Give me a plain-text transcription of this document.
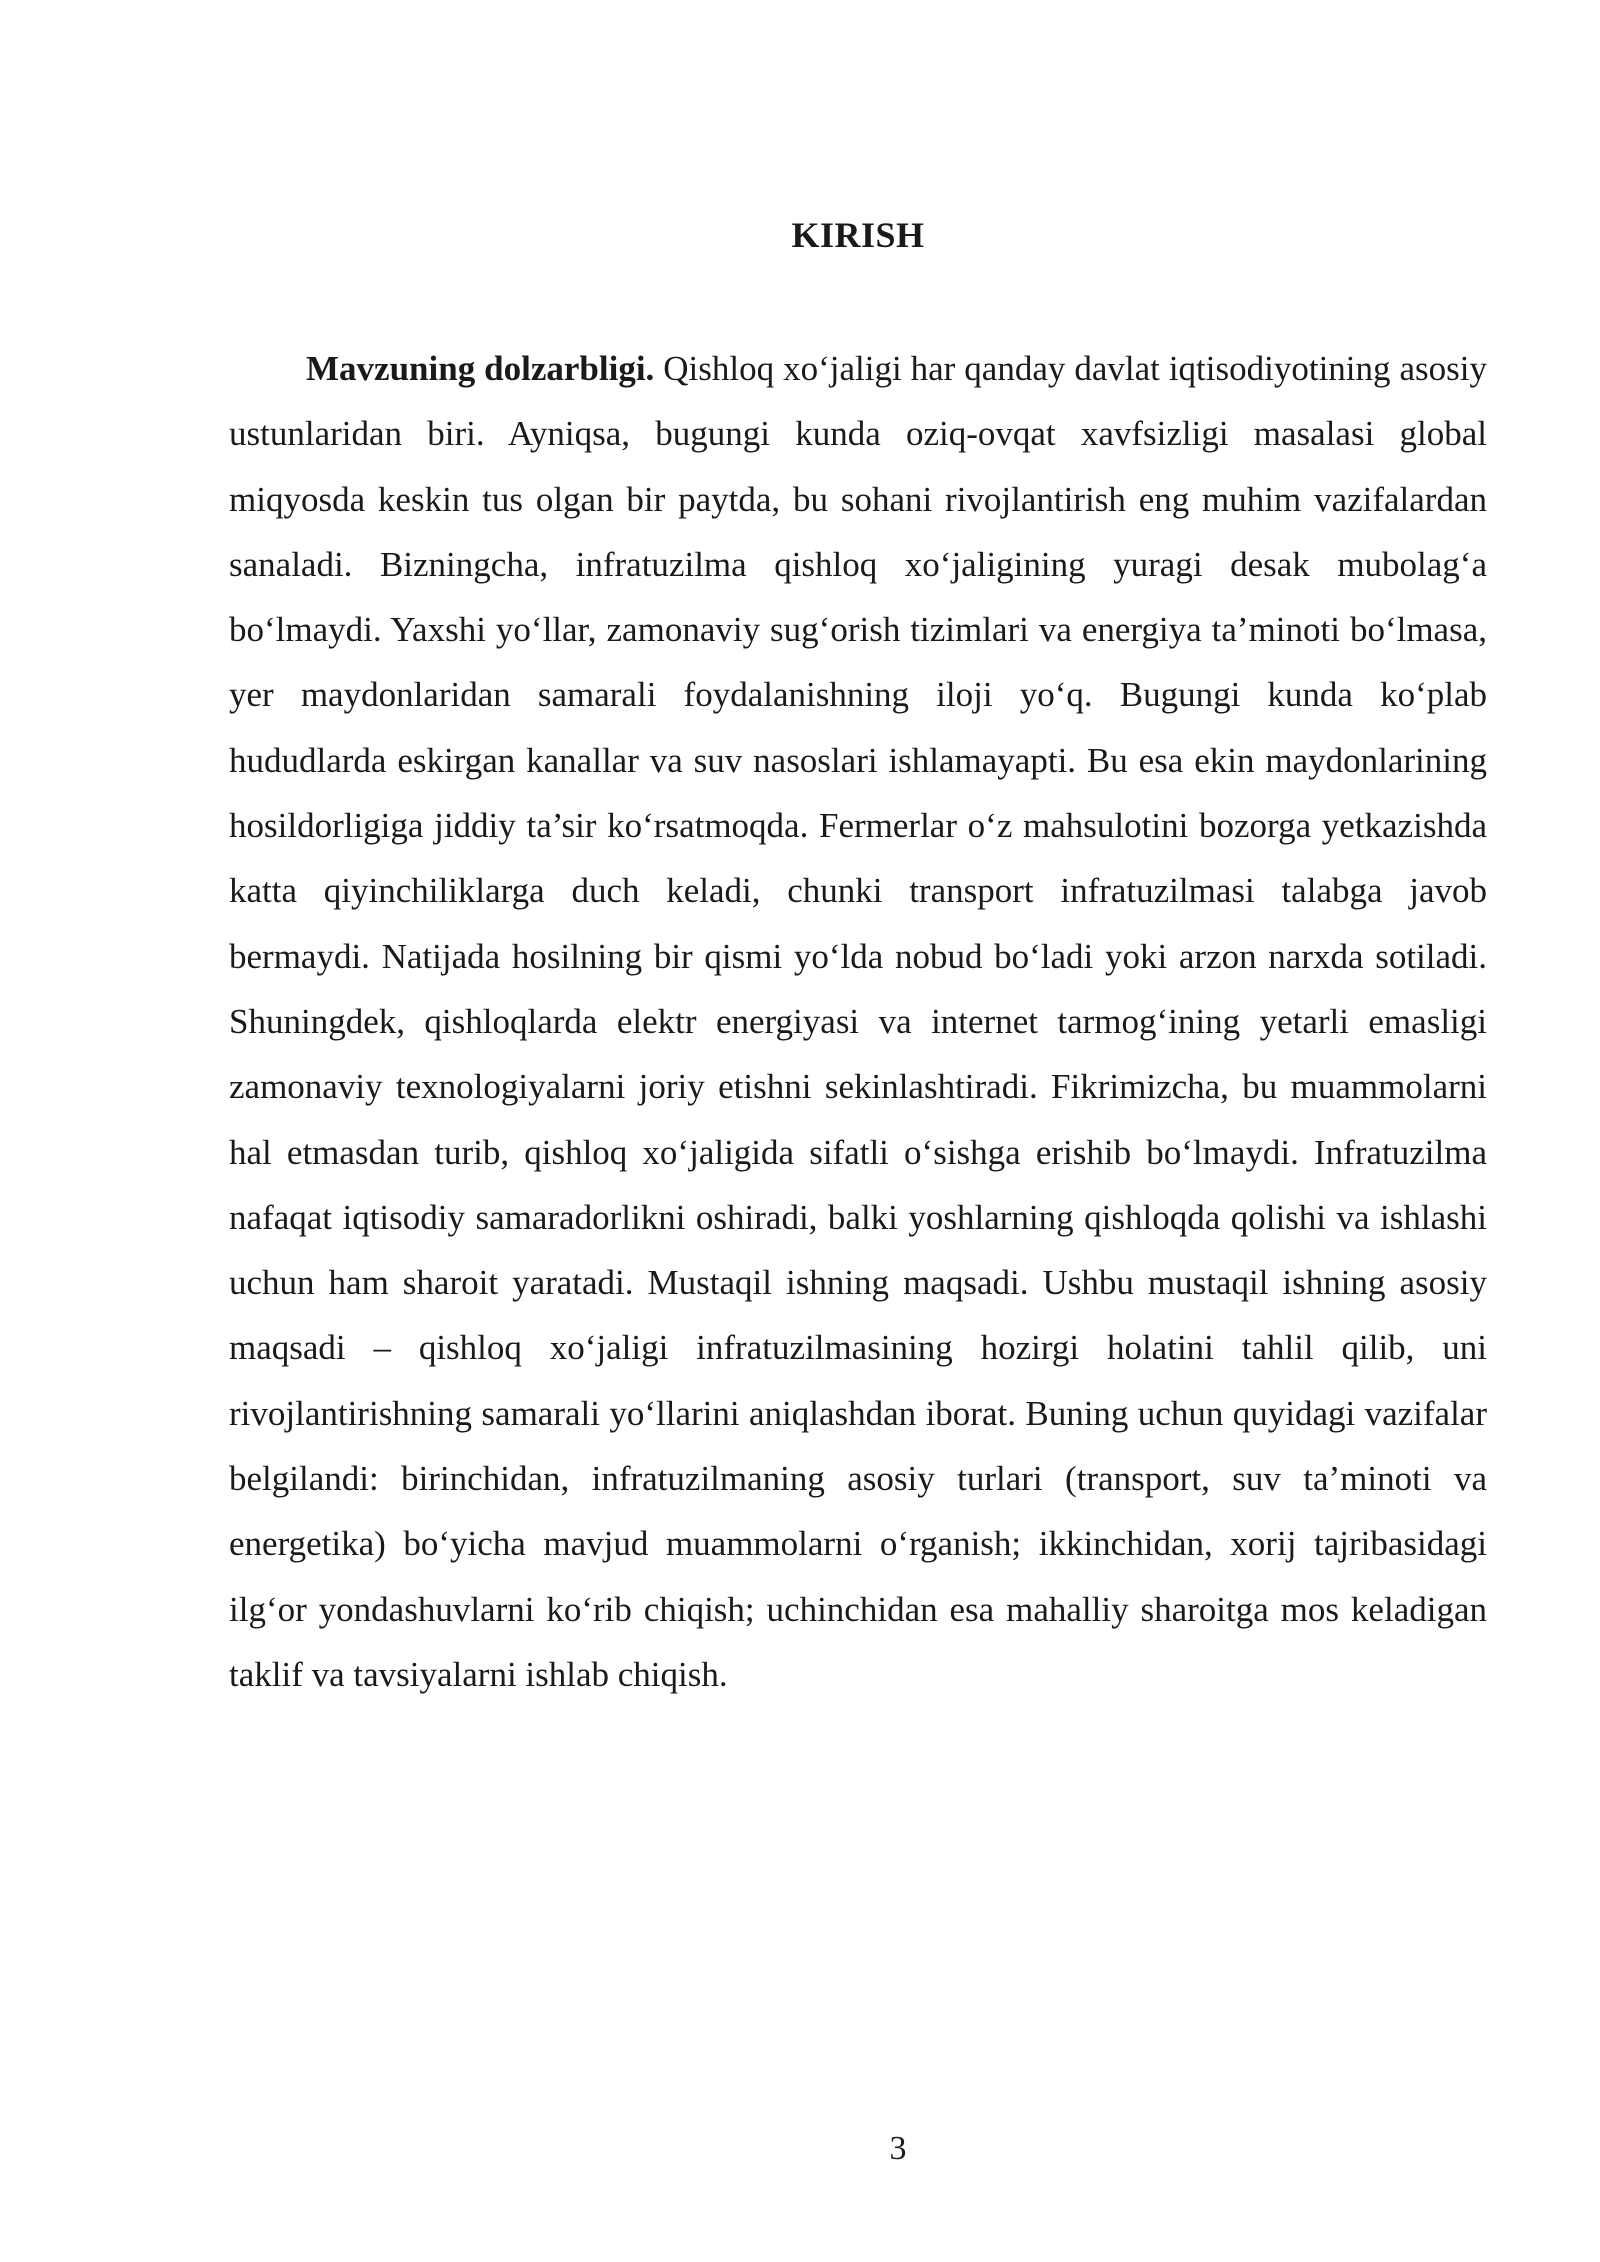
KIRISH

Mavzuning dolzarbligi. Qishloq xo‘jaligi har qanday davlat iqtisodiyotining asosiy ustunlaridan biri. Ayniqsa, bugungi kunda oziq-ovqat xavfsizligi masalasi global miqyosda keskin tus olgan bir paytda, bu sohani rivojlantirish eng muhim vazifalardan sanaladi. Bizningcha, infratuzilma qishloq xo‘jaligining yuragi desak mubolag‘a bo‘lmaydi. Yaxshi yo‘llar, zamonaviy sug‘orish tizimlari va energiya ta’minoti bo‘lmasa, yer maydonlaridan samarali foydalanishning iloji yo‘q. Bugungi kunda ko‘plab hududlarda eskirgan kanallar va suv nasoslari ishlamayapti. Bu esa ekin maydonlarining hosildorligiga jiddiy ta’sir ko‘rsatmoqda. Fermerlar o‘z mahsulotini bozorga yetkazishda katta qiyinchiliklarga duch keladi, chunki transport infratuzilmasi talabga javob bermaydi. Natijada hosilning bir qismi yo‘lda nobud bo‘ladi yoki arzon narxda sotiladi. Shuningdek, qishloqlarda elektr energiyasi va internet tarmog‘ining yetarli emasligi zamonaviy texnologiyalarni joriy etishni sekinlashtiradi. Fikrimizcha, bu muammolarni hal etmasdan turib, qishloq xo‘jaligida sifatli o‘sishga erishib bo‘lmaydi. Infratuzilma nafaqat iqtisodiy samaradorlikni oshiradi, balki yoshlarning qishloqda qolishi va ishlashi uchun ham sharoit yaratadi. Mustaqil ishning maqsadi. Ushbu mustaqil ishning asosiy maqsadi – qishloq xo‘jaligi infratuzilmasining hozirgi holatini tahlil qilib, uni rivojlantirishning samarali yo‘llarini aniqlashdan iborat. Buning uchun quyidagi vazifalar belgilandi: birinchidan, infratuzilmaning asosiy turlari (transport, suv ta’minoti va energetika) bo‘yicha mavjud muammolarni o‘rganish; ikkinchidan, xorij tajribasidagi ilg‘or yondashuvlarni ko‘rib chiqish; uchinchidan esa mahalliy sharoitga mos keladigan taklif va tavsiyalarni ishlab chiqish.

3
